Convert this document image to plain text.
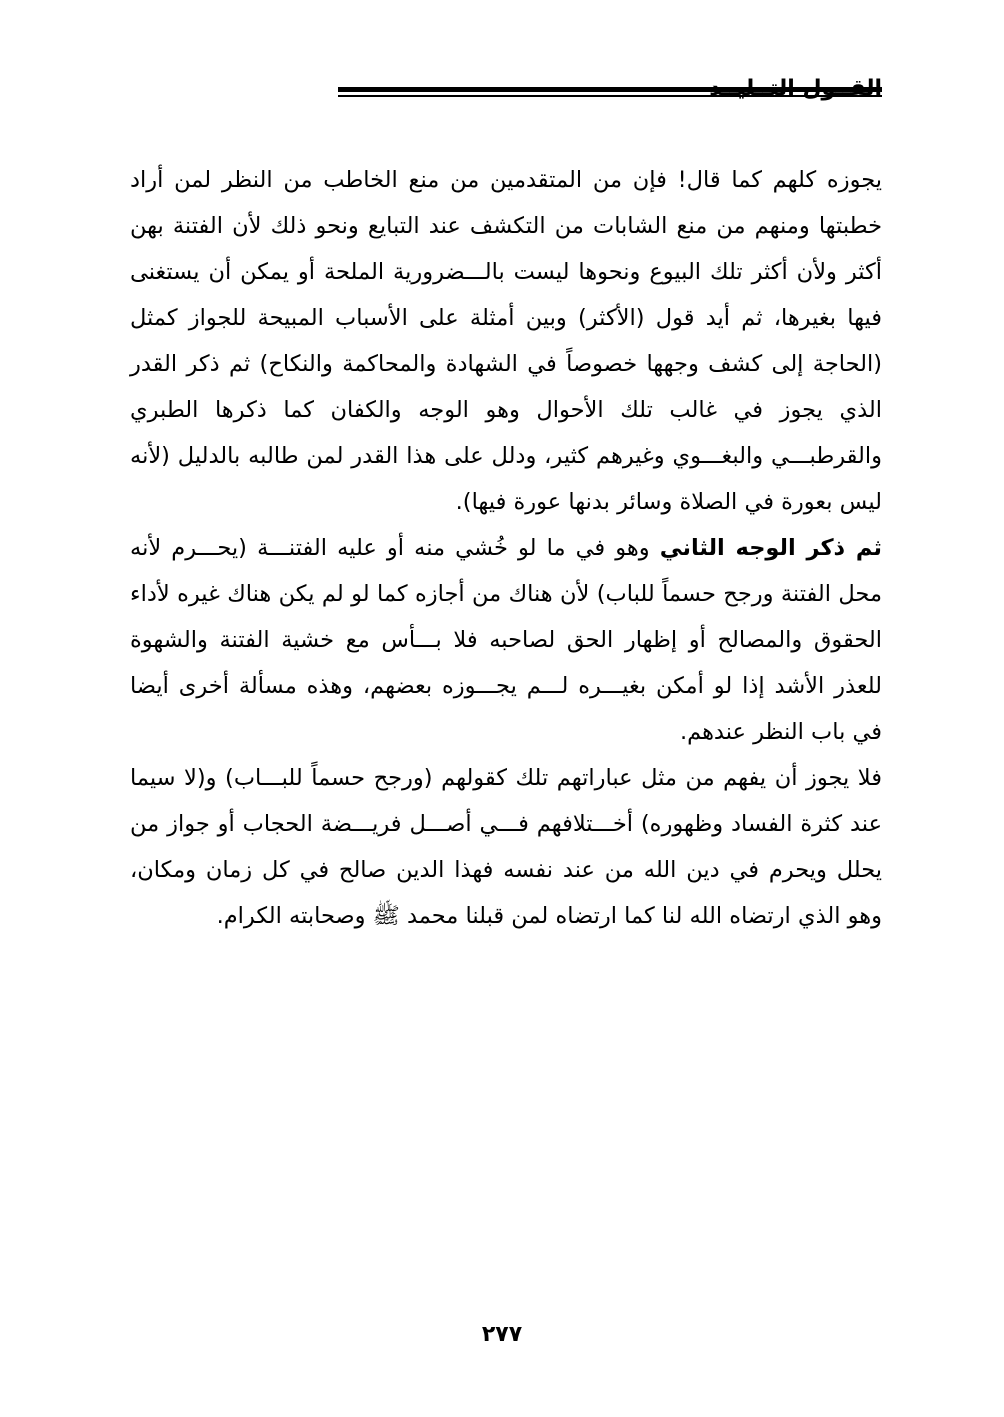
يجوزه كلهم كما قال! فإن من المتقدمين من منع الخاطب من النظر لمن أراد خطبتها ومنهم من منع الشابات من التكشف عند التبايع ونحو ذلك لأن الفتنة بهن أكثر ولأن أكثر تلك البيوع ونحوها ليست بالـــضرورية الملحة أو يمكن أن يستغنى فيها بغيرها، ثم أيد قول (الأكثر) وبين أمثلة على الأسباب المبيحة للجواز كمثل (الحاجة إلى كشف وجهها خصوصاً في الشهادة والمحاكمة والنكاح) ثم ذكر القدر الذي يجوز في غالب تلك الأحوال وهو الوجه والكفان كما ذكرها الطبري والقرطبـــي والبغـــوي وغيرهم كثير، ودلل على هذا القدر لمن طالبه بالدليل (لأنه ليس بعورة في الصلاة وسائر بدنها عورة فيها).

ثم ذكر الوجه الثاني وهو في ما لو خُشي منه أو عليه الفتنـــة (يحـــرم لأنه محل الفتنة ورجح حسماً للباب) لأن هناك من أجازه كما لو لم يكن هناك غيره لأداء الحقوق والمصالح أو إظهار الحق لصاحبه فلا بـــأس مع خشية الفتنة والشهوة للعذر الأشد إذا لو أمكن بغيـــره لـــم يجـــوزه بعضهم، وهذه مسألة أخرى أيضا في باب النظر عندهم.

فلا يجوز أن يفهم من مثل عباراتهم تلك كقولهم (ورجح حسماً للبـــاب) و(لا سيما عند كثرة الفساد وظهوره) أخـــتلافهم فـــي أصـــل فريـــضة الحجاب أو جواز من يحلل ويحرم في دين الله من عند نفسه فهذا الدين صالح في كل زمان ومكان، وهو الذي ارتضاه الله لنا كما ارتضاه لمن قبلنا محمد ﷺ وصحابته الكرام.

٢٧٧
